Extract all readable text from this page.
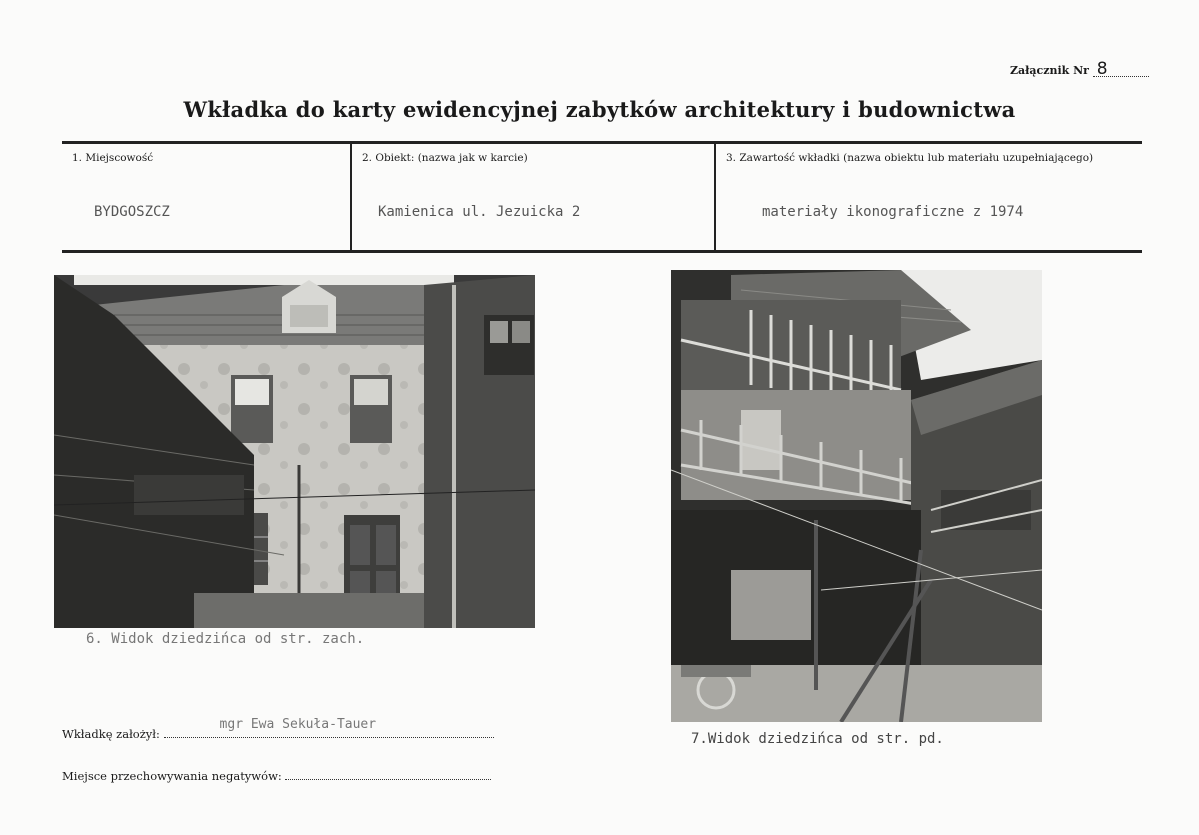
Załącznik Nr 8
Wkładka do karty ewidencyjnej zabytków architektury i budownictwa
1. Miejscowość
BYDGOSZCZ
2. Obiekt: (nazwa jak w karcie)
Kamienica ul. Jezuicka 2
3. Zawartość wkładki (nazwa obiektu lub materiału uzupełniającego)
materiały ikonograficzne z 1974
6. Widok dziedzińca od str. zach.
7.Widok dziedzińca od str. pd.
Wkładkę założył:
mgr Ewa Sekuła-Tauer
Miejsce przechowywania negatywów:
